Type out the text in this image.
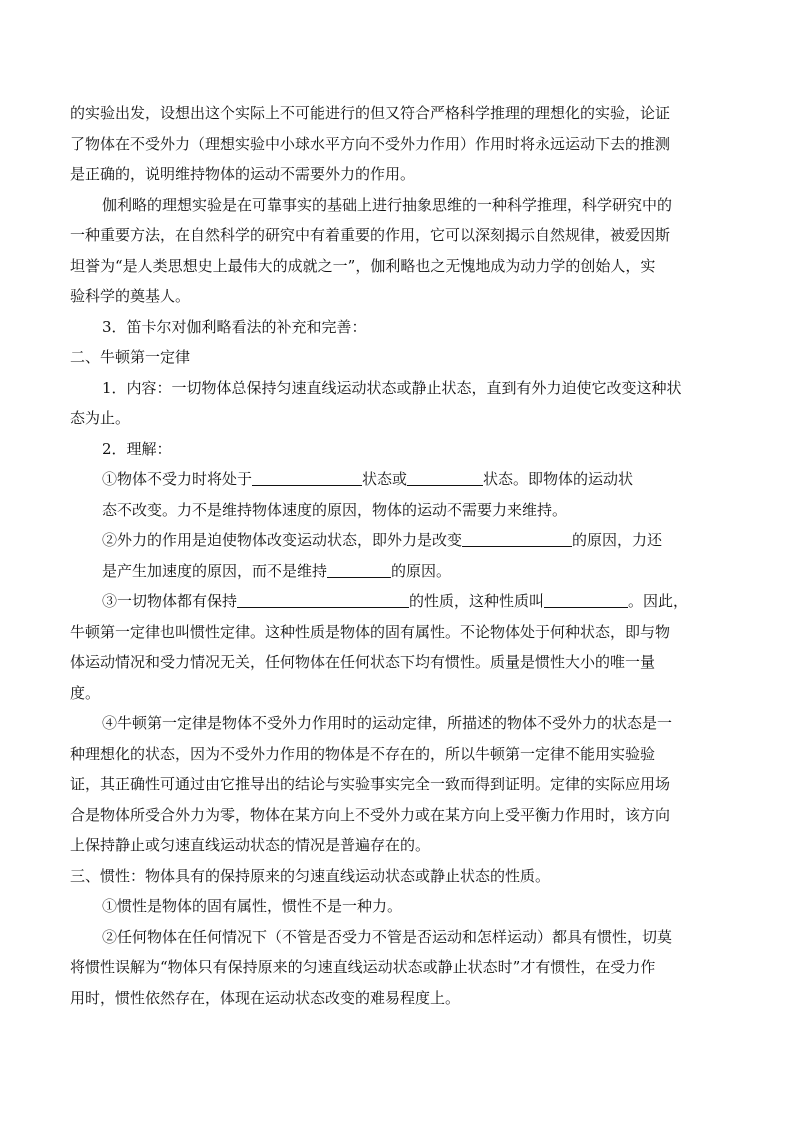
的实验出发，设想出这个实际上不可能进行的但又符合严格科学推理的理想化的实验，论证
了物体在不受外力（理想实验中小球水平方向不受外力作用）作用时将永远运动下去的推测
是正确的，说明维持物体的运动不需要外力的作用。
伽利略的理想实验是在可靠事实的基础上进行抽象思维的一种科学推理，科学研究中的
一种重要方法，在自然科学的研究中有着重要的作用，它可以深刻揭示自然规律，被爱因斯
坦誉为“是人类思想史上最伟大的成就之一”，伽利略也之无愧地成为动力学的创始人，实
验科学的奠基人。
3．笛卡尔对伽利略看法的补充和完善：
二、牛顿第一定律
1．内容：一切物体总保持匀速直线运动状态或静止状态，直到有外力迫使它改变这种状
态为止。
2．理解：
①物体不受力时将处于	状态或	状态。即物体的运动状
态不改变。力不是维持物体速度的原因，物体的运动不需要力来维持。
②外力的作用是迫使物体改变运动状态，即外力是改变	的原因，力还
是产生加速度的原因，而不是维持	的原因。
③一切物体都有保持	的性质，这种性质叫	。因此，
牛顿第一定律也叫惯性定律。这种性质是物体的固有属性。不论物体处于何种状态，即与物
体运动情况和受力情况无关，任何物体在任何状态下均有惯性。质量是惯性大小的唯一量
度。
④牛顿第一定律是物体不受外力作用时的运动定律，所描述的物体不受外力的状态是一
种理想化的状态，因为不受外力作用的物体是不存在的，所以牛顿第一定律不能用实验验
证，其正确性可通过由它推导出的结论与实验事实完全一致而得到证明。定律的实际应用场
合是物体所受合外力为零，物体在某方向上不受外力或在某方向上受平衡力作用时，该方向
上保持静止或匀速直线运动状态的情况是普遍存在的。
三、惯性：物体具有的保持原来的匀速直线运动状态或静止状态的性质。
①惯性是物体的固有属性，惯性不是一种力。
②任何物体在任何情况下（不管是否受力不管是否运动和怎样运动）都具有惯性，切莫
将惯性误解为“物体只有保持原来的匀速直线运动状态或静止状态时”才有惯性，在受力作
用时，惯性依然存在，体现在运动状态改变的难易程度上。
